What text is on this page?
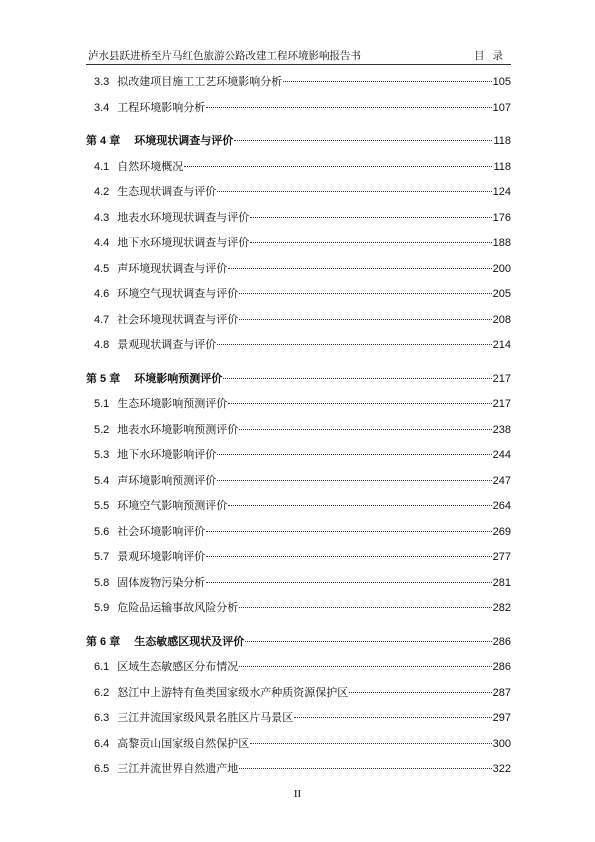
泸水县跃进桥至片马红色旅游公路改建工程环境影响报告书	目录
3.3 拟改建项目施工工艺环境影响分析	105
3.4 工程环境影响分析	107
第 4 章 环境现状调查与评价	118
4.1 自然环境概况	118
4.2 生态现状调查与评价	124
4.3 地表水环境现状调查与评价	176
4.4 地下水环境现状调查与评价	188
4.5 声环境现状调查与评价	200
4.6 环境空气现状调查与评价	205
4.7 社会环境现状调查与评价	208
4.8 景观现状调查与评价	214
第 5 章 环境影响预测评价	217
5.1 生态环境影响预测评价	217
5.2 地表水环境影响预测评价	238
5.3 地下水环境影响评价	244
5.4 声环境影响预测评价	247
5.5 环境空气影响预测评价	264
5.6 社会环境影响评价	269
5.7 景观环境影响评价	277
5.8 固体废物污染分析	281
5.9 危险品运输事故风险分析	282
第 6 章 生态敏感区现状及评价	286
6.1 区域生态敏感区分布情况	286
6.2 怒江中上游特有鱼类国家级水产种质资源保护区	287
6.3 三江并流国家级风景名胜区片马景区	297
6.4 高黎贡山国家级自然保护区	300
6.5 三江并流世界自然遗产地	322
II
